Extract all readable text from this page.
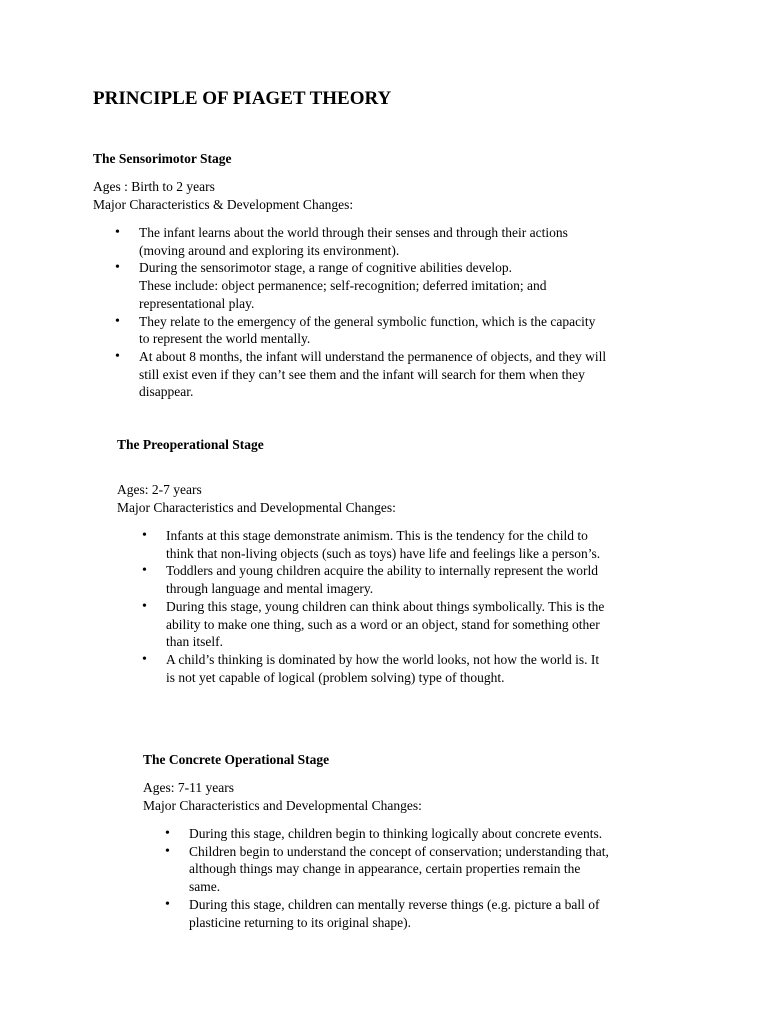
PRINCIPLE OF PIAGET THEORY

The Sensorimotor Stage

Ages : Birth to 2 years

Major Characteristics & Development Changes:

• The infant learns about the world through their senses and through their actions

(moving around and exploring its environment).

• During the sensorimotor stage, a range of cognitive abilities develop.

These include: object permanence; self-recognition; deferred imitation; and

representational play.

• They relate to the emergency of the general symbolic function, which is the capacity

to represent the world mentally.

• At about 8 months, the infant will understand the permanence of objects, and they will

still exist even if they can’t see them and the infant will search for them when they

disappear.

The Preoperational Stage

Ages: 2-7 years

Major Characteristics and Developmental Changes:

• Infants at this stage demonstrate animism. This is the tendency for the child to

think that non-living objects (such as toys) have life and feelings like a person’s.

• Toddlers and young children acquire the ability to internally represent the world

through language and mental imagery.

• During this stage, young children can think about things symbolically. This is the

ability to make one thing, such as a word or an object, stand for something other

than itself.

• A child’s thinking is dominated by how the world looks, not how the world is. It

is not yet capable of logical (problem solving) type of thought.

The Concrete Operational Stage

Ages: 7-11 years

Major Characteristics and Developmental Changes:

• During this stage, children begin to thinking logically about concrete events.

• Children begin to understand the concept of conservation; understanding that,

although things may change in appearance, certain properties remain the

same.

• During this stage, children can mentally reverse things (e.g. picture a ball of

plasticine returning to its original shape).
